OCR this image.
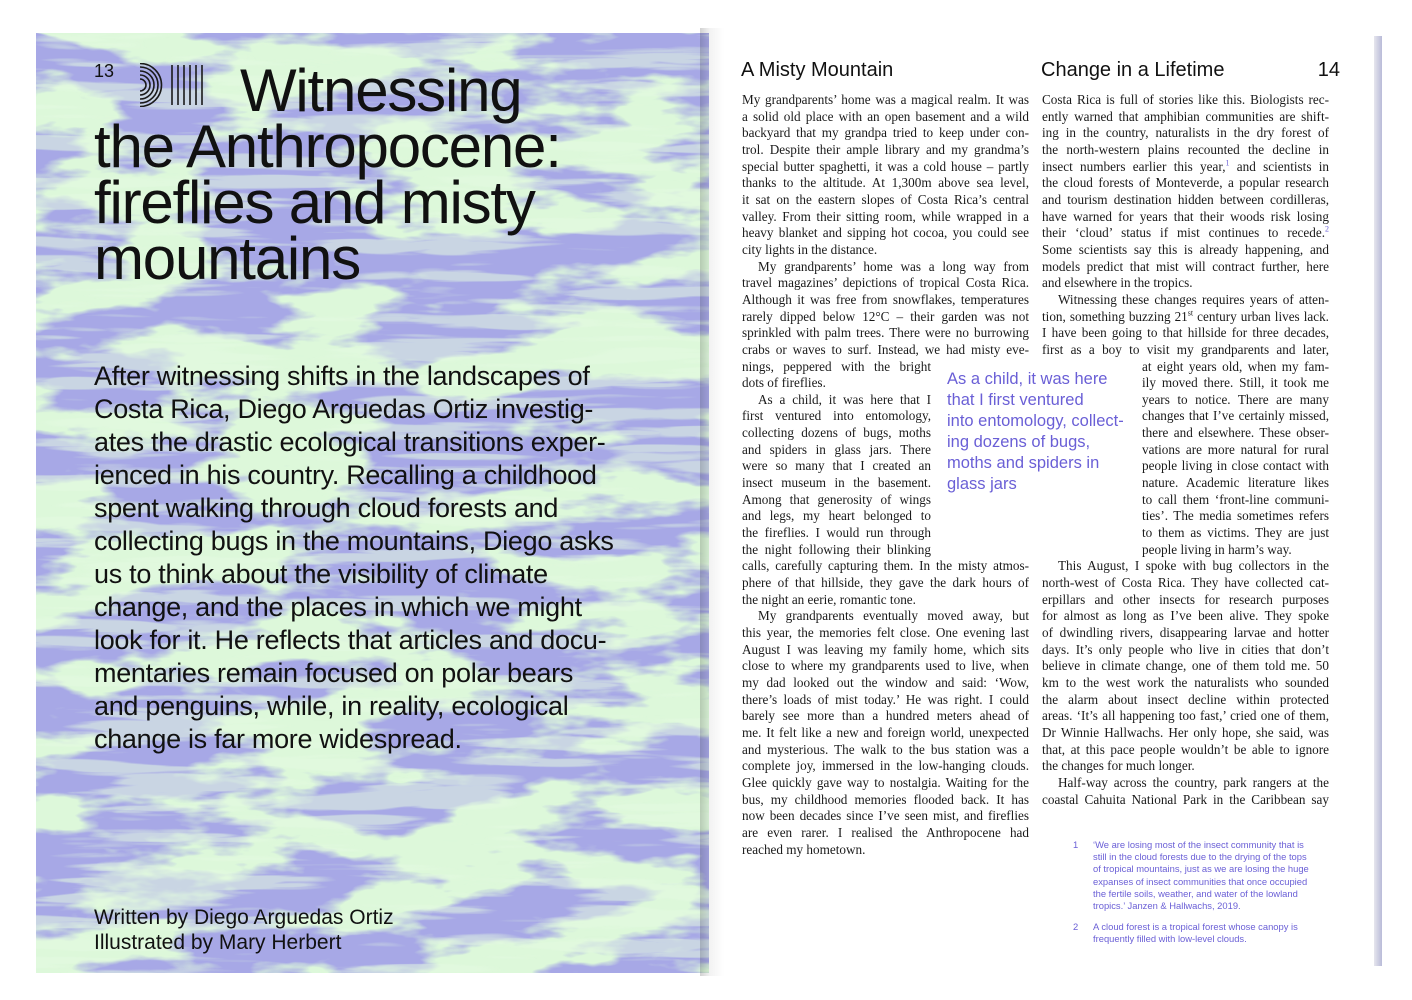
13	Witnessing
the Anthropocene:
fireflies and misty
mountains

After witnessing shifts in the landscapes of
Costa Rica, Diego Arguedas Ortiz investig-
ates the drastic ecological transitions exper-
ienced in his country. Recalling a childhood
spent walking through cloud forests and
collecting bugs in the mountains, Diego asks
us to think about the visibility of climate
change, and the places in which we might
look for it. He reflects that articles and docu-
mentaries remain focused on polar bears
and penguins, while, in reality, ecological
change is far more widespread.

Written by Diego Arguedas Ortiz
Illustrated by Mary Herbert
A Misty Mountain	Change in a Lifetime	14
My grandparents’ home was a magical realm. It was
a solid old place with an open basement and a wild
backyard that my grandpa tried to keep under con-
trol. Despite their ample library and my grandma’s
special butter spaghetti, it was a cold house – partly
thanks to the altitude. At 1,300m above sea level,
it sat on the eastern slopes of Costa Rica’s central
valley. From their sitting room, while wrapped in a
heavy blanket and sipping hot cocoa, you could see
city lights in the distance.
My grandparents’ home was a long way from
travel magazines’ depictions of tropical Costa Rica.
Although it was free from snowflakes, temperatures
rarely dipped below 12°C – their garden was not
sprinkled with palm trees. There were no burrowing
crabs or waves to surf. Instead, we had misty eve-
nings, peppered with the bright
dots of fireflies.
As a child, it was here that I
first ventured into entomology,
collecting dozens of bugs, moths
and spiders in glass jars. There
were so many that I created an
insect museum in the basement.
Among that generosity of wings
and legs, my heart belonged to
the fireflies. I would run through
the night following their blinking
calls, carefully capturing them. In the misty atmos-
phere of that hillside, they gave the dark hours of
the night an eerie, romantic tone.
My grandparents eventually moved away, but
this year, the memories felt close. One evening last
August I was leaving my family home, which sits
close to where my grandparents used to live, when
my dad looked out the window and said: ‘Wow,
there’s loads of mist today.’ He was right. I could
barely see more than a hundred meters ahead of
me. It felt like a new and foreign world, unexpected
and mysterious. The walk to the bus station was a
complete joy, immersed in the low-hanging clouds.
Glee quickly gave way to nostalgia. Waiting for the
bus, my childhood memories flooded back. It has
now been decades since I’ve seen mist, and fireflies
are even rarer. I realised the Anthropocene had
reached my hometown.

As a child, it was here
that I first ventured
into entomology, collect-
ing dozens of bugs,
moths and spiders in
glass jars

Costa Rica is full of stories like this. Biologists rec-
ently warned that amphibian communities are shift-
ing in the country, naturalists in the dry forest of
the north-western plains recounted the decline in
insect numbers earlier this year,$^1$ and scientists in
the cloud forests of Monteverde, a popular research
and tourism destination hidden between cordilleras,
have warned for years that their woods risk losing
their ‘cloud’ status if mist continues to recede.$^2$
Some scientists say this is already happening, and
models predict that mist will contract further, here
and elsewhere in the tropics.
Witnessing these changes requires years of atten-
tion, something buzzing 21st century urban lives lack.
I have been going to that hillside for three decades,
first as a boy to visit my grandparents and later,
at eight years old, when my fam-
ily moved there. Still, it took me
years to notice. There are many
changes that I’ve certainly missed,
there and elsewhere. These obser-
vations are more natural for rural
people living in close contact with
nature. Academic literature likes
to call them ‘front-line communi-
ties’. The media sometimes refers
to them as victims. They are just
people living in harm’s way.
This August, I spoke with bug collectors in the
north-west of Costa Rica. They have collected cat-
erpillars and other insects for research purposes
for almost as long as I’ve been alive. They spoke
of dwindling rivers, disappearing larvae and hotter
days. It’s only people who live in cities that don’t
believe in climate change, one of them told me. 50
km to the west work the naturalists who sounded
the alarm about insect decline within protected
areas. ‘It’s all happening too fast,’ cried one of them,
Dr Winnie Hallwachs. Her only hope, she said, was
that, at this pace people wouldn’t be able to ignore
the changes for much longer.
Half-way across the country, park rangers at the
coastal Cahuita National Park in the Caribbean say
1 ‘We are losing most of the insect community that is
still in the cloud forests due to the drying of the tops
of tropical mountains, just as we are losing the huge
expanses of insect communities that once occupied
the fertile soils, weather, and water of the lowland
tropics.’ Janzen & Hallwachs, 2019.
2 A cloud forest is a tropical forest whose canopy is
frequently filled with low-level clouds.
